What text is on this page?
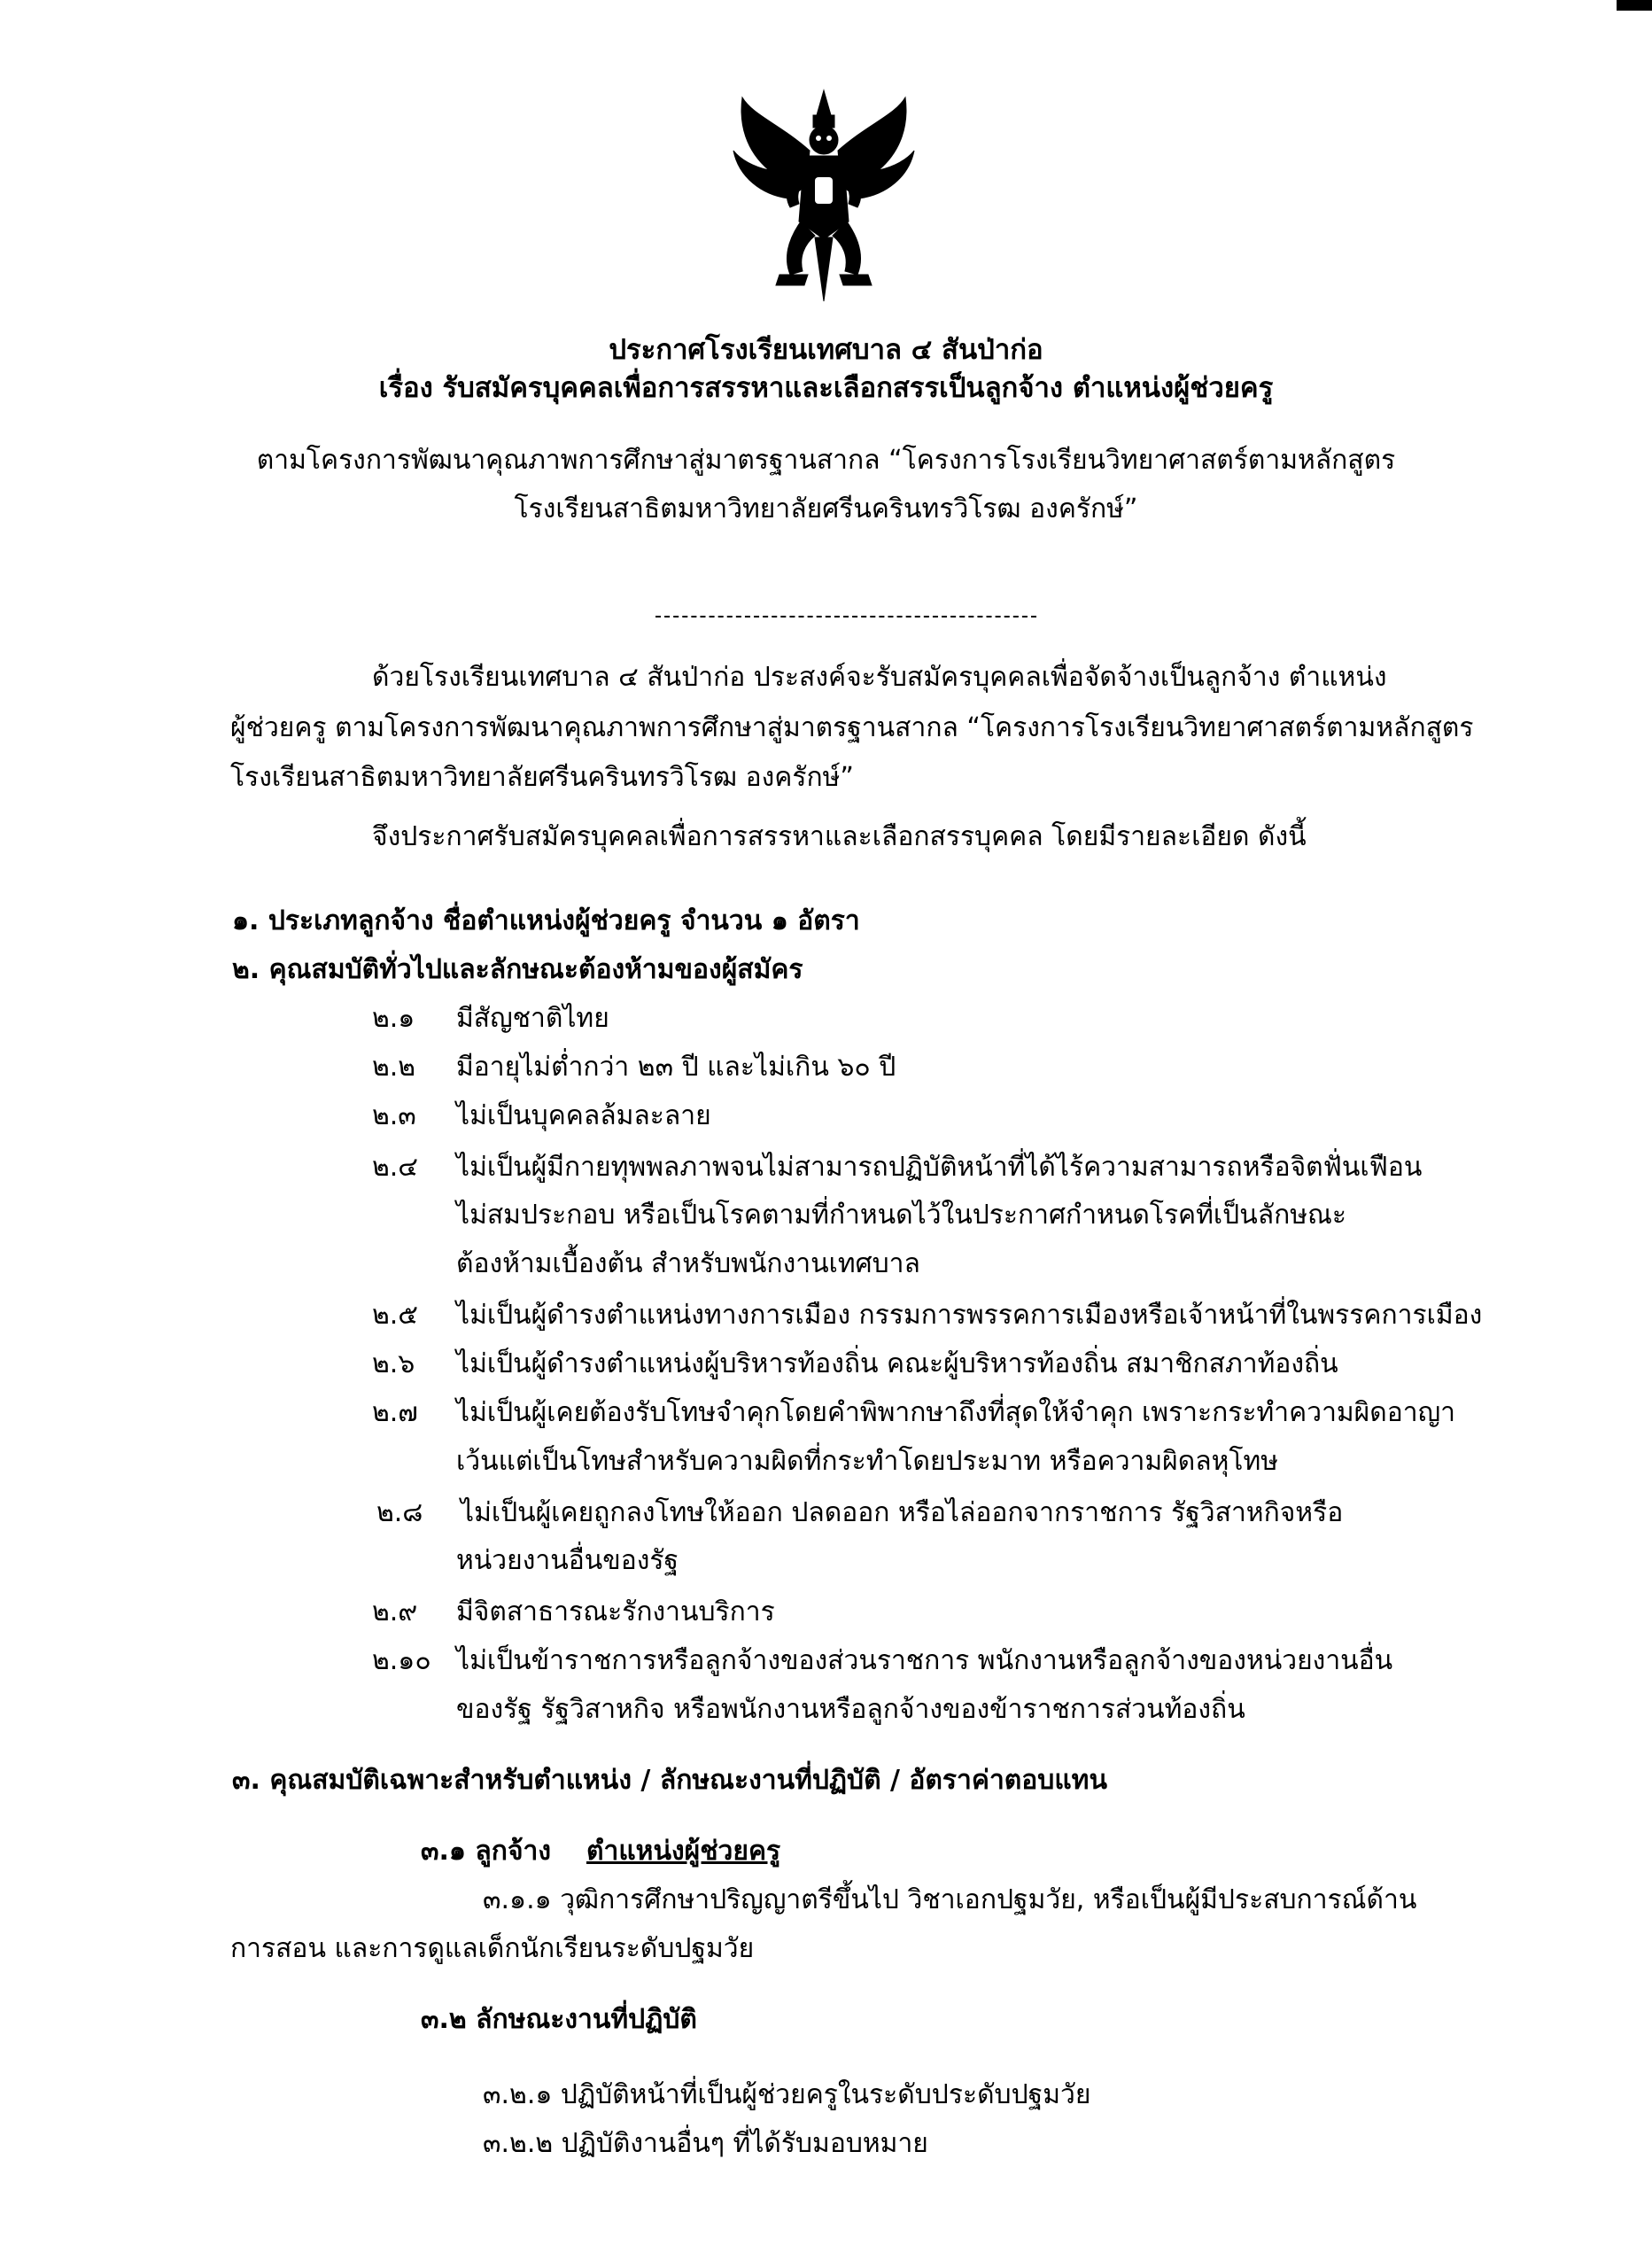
ประกาศโรงเรียนเทศบาล ๔ สันป่าก่อ
เรื่อง รับสมัครบุคคลเพื่อการสรรหาและเลือกสรรเป็นลูกจ้าง ตำแหน่งผู้ช่วยครู
ตามโครงการพัฒนาคุณภาพการศึกษาสู่มาตรฐานสากล “โครงการโรงเรียนวิทยาศาสตร์ตามหลักสูตร
โรงเรียนสาธิตมหาวิทยาลัยศรีนครินทรวิโรฒ องครักษ์”
ด้วยโรงเรียนเทศบาล ๔ สันป่าก่อ ประสงค์จะรับสมัครบุคคลเพื่อจัดจ้างเป็นลูกจ้าง ตำแหน่ง
ผู้ช่วยครู ตามโครงการพัฒนาคุณภาพการศึกษาสู่มาตรฐานสากล “โครงการโรงเรียนวิทยาศาสตร์ตามหลักสูตร
โรงเรียนสาธิตมหาวิทยาลัยศรีนครินทรวิโรฒ องครักษ์”
จึงประกาศรับสมัครบุคคลเพื่อการสรรหาและเลือกสรรบุคคล โดยมีรายละเอียด ดังนี้
๑. ประเภทลูกจ้าง ชื่อตำแหน่งผู้ช่วยครู จำนวน ๑ อัตรา
๒. คุณสมบัติทั่วไปและลักษณะต้องห้ามของผู้สมัคร
๒.๑ มีสัญชาติไทย
๒.๒ มีอายุไม่ต่ำกว่า ๒๓ ปี และไม่เกิน ๖๐ ปี
๒.๓ ไม่เป็นบุคคลล้มละลาย
๒.๔ ไม่เป็นผู้มีกายทุพพลภาพจนไม่สามารถปฏิบัติหน้าที่ได้ไร้ความสามารถหรือจิตฟั่นเฟือน
ไม่สมประกอบ หรือเป็นโรคตามที่กำหนดไว้ในประกาศกำหนดโรคที่เป็นลักษณะ
ต้องห้ามเบื้องต้น สำหรับพนักงานเทศบาล
๒.๕ ไม่เป็นผู้ดำรงตำแหน่งทางการเมือง กรรมการพรรคการเมืองหรือเจ้าหน้าที่ในพรรคการเมือง
๒.๖ ไม่เป็นผู้ดำรงตำแหน่งผู้บริหารท้องถิ่น คณะผู้บริหารท้องถิ่น สมาชิกสภาท้องถิ่น
๒.๗ ไม่เป็นผู้เคยต้องรับโทษจำคุกโดยคำพิพากษาถึงที่สุดให้จำคุก เพราะกระทำความผิดอาญา
เว้นแต่เป็นโทษสำหรับความผิดที่กระทำโดยประมาท หรือความผิดลหุโทษ
๒.๘ ไม่เป็นผู้เคยถูกลงโทษให้ออก ปลดออก หรือไล่ออกจากราชการ รัฐวิสาหกิจหรือ
หน่วยงานอื่นของรัฐ
๒.๙ มีจิตสาธารณะรักงานบริการ
๒.๑๐ ไม่เป็นข้าราชการหรือลูกจ้างของส่วนราชการ พนักงานหรือลูกจ้างของหน่วยงานอื่น
ของรัฐ รัฐวิสาหกิจ หรือพนักงานหรือลูกจ้างของข้าราชการส่วนท้องถิ่น
๓. คุณสมบัติเฉพาะสำหรับตำแหน่ง / ลักษณะงานที่ปฏิบัติ / อัตราค่าตอบแทน
๓.๑ ลูกจ้าง ตำแหน่งผู้ช่วยครู
๓.๑.๑ วุฒิการศึกษาปริญญาตรีขึ้นไป วิชาเอกปฐมวัย, หรือเป็นผู้มีประสบการณ์ด้าน
การสอน และการดูแลเด็กนักเรียนระดับปฐมวัย
๓.๒ ลักษณะงานที่ปฏิบัติ
๓.๒.๑ ปฏิบัติหน้าที่เป็นผู้ช่วยครูในระดับประดับปฐมวัย
๓.๒.๒ ปฏิบัติงานอื่นๆ ที่ได้รับมอบหมาย
